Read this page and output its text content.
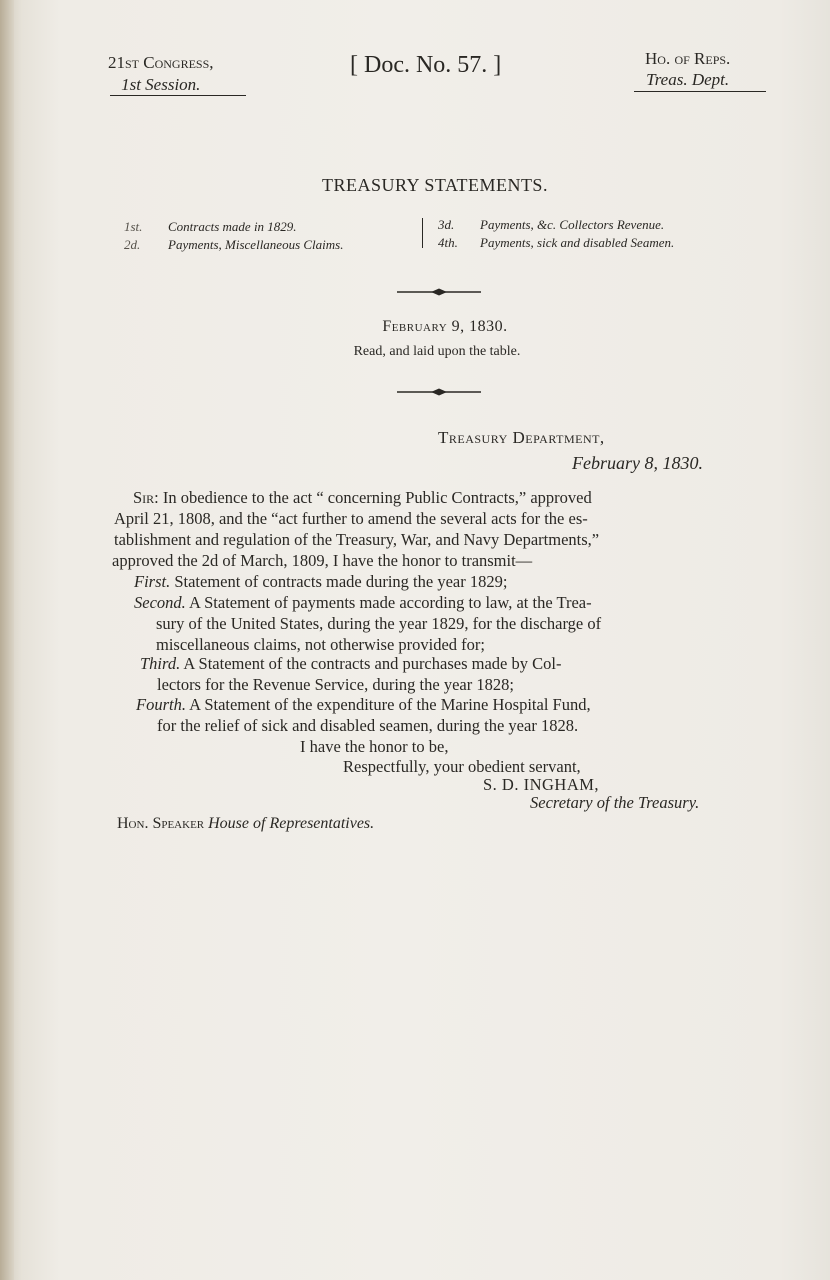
21st Congress,
1st Session.
[ Doc. No. 57. ]	Ho. of Reps.
Treas. Dept.
TREASURY STATEMENTS.
1st. Contracts made in 1829.
2d. Payments, Miscellaneous Claims.
3d. Payments, &c. Collectors Revenue.
4th. Payments, sick and disabled Seamen.
February 9, 1830.
Read, and laid upon the table.
Treasury Department,
February 8, 1830.
Sir: In obedience to the act “ concerning Public Contracts,” approved
April 21, 1808, and the “act further to amend the several acts for the es-
tablishment and regulation of the Treasury, War, and Navy Departments,”
approved the 2d of March, 1809, I have the honor to transmit—
First. Statement of contracts made during the year 1829;
Second. A Statement of payments made according to law, at the Trea-
sury of the United States, during the year 1829, for the discharge of
miscellaneous claims, not otherwise provided for;
Third. A Statement of the contracts and purchases made by Col-
lectors for the Revenue Service, during the year 1828;
Fourth. A Statement of the expenditure of the Marine Hospital Fund,
for the relief of sick and disabled seamen, during the year 1828.
I have the honor to be,
Respectfully, your obedient servant,
S. D. INGHAM,
Secretary of the Treasury.
Hon. Speaker House of Representatives.
